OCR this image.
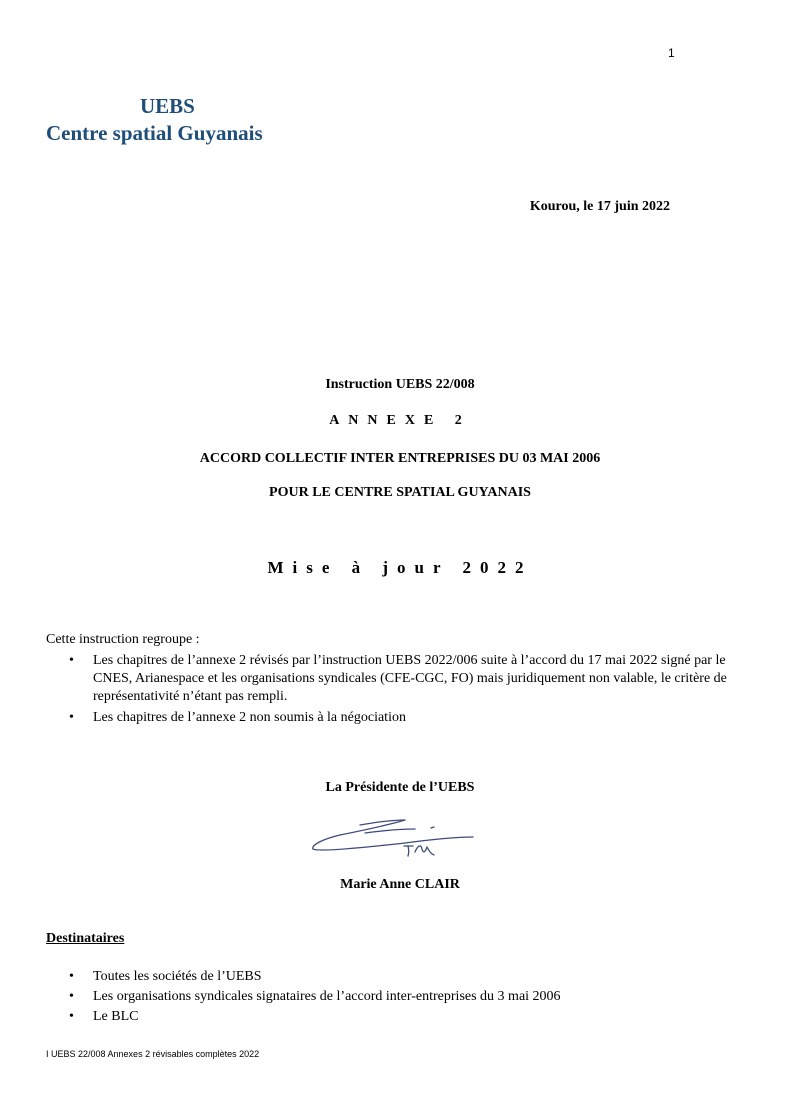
1
UEBS
Centre spatial Guyanais
Kourou, le 17 juin 2022
Instruction UEBS 22/008
ANNEXE 2
ACCORD COLLECTIF INTER ENTREPRISES DU 03 MAI 2006
POUR LE CENTRE SPATIAL GUYANAIS
Mise à jour 2022
Cette instruction regroupe :
• Les chapitres de l’annexe 2 révisés par l’instruction UEBS 2022/006 suite à l’accord du 17 mai 2022 signé par le CNES, Arianespace et les organisations syndicales (CFE-CGC, FO) mais juridiquement non valable, le critère de représentativité n’étant pas rempli.
• Les chapitres de l’annexe 2 non soumis à la négociation
La Présidente de l’UEBS
Marie Anne CLAIR
Destinataires
• Toutes les sociétés de l’UEBS
• Les organisations syndicales signataires de l’accord inter-entreprises du 3 mai 2006
• Le BLC
I UEBS 22/008 Annexes 2 révisables complètes 2022
